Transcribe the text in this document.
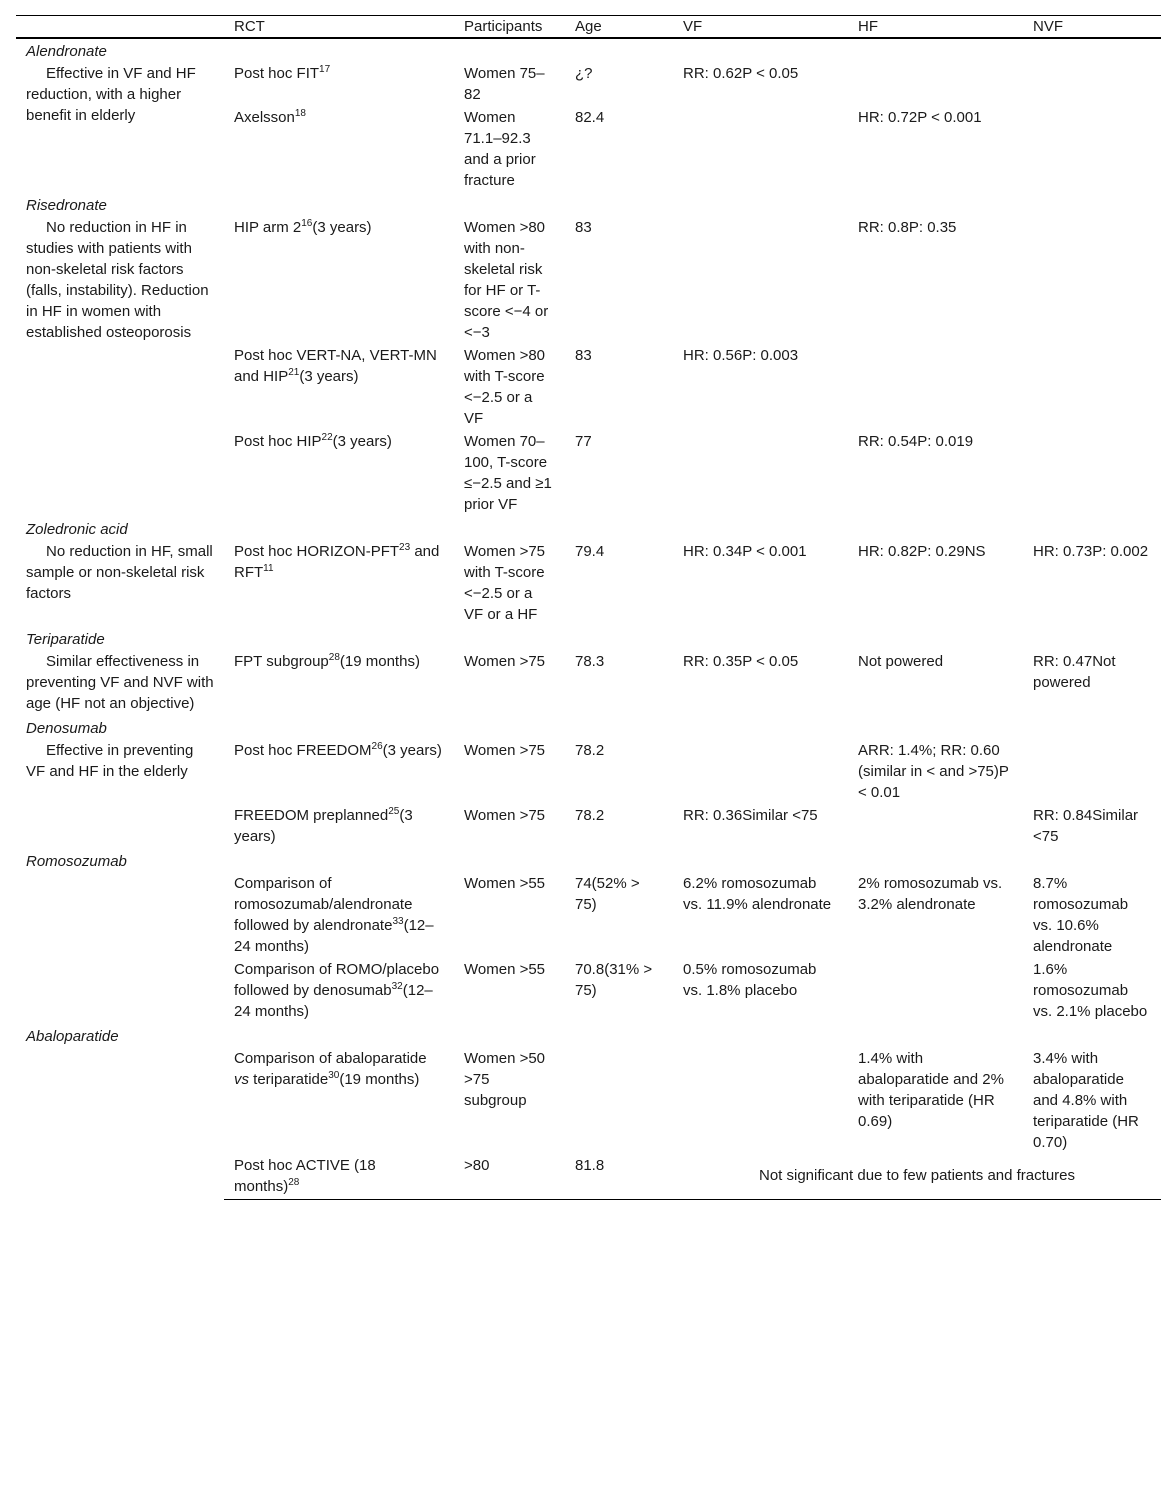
	RCT	Participants	Age	VF	HF	NVF
Alendronate						
Effective in VF and HF reduction, with a higher benefit in elderly	Post hoc FIT$^{17}$	Women 75–82	¿?	RR: 0.62P < 0.05		
	Axelsson$^{18}$	Women 71.1–92.3 and a prior fracture	82.4		HR: 0.72P < 0.001	
Risedronate						
No reduction in HF in studies with patients with non-skeletal risk factors (falls, instability). Reduction in HF in women with established osteoporosis	HIP arm $2^{16}(3$ years)	Women >80 with non-skeletal risk for HF or T-score <−4 or <−3	83		RR: 0.8P: 0.35	
	Post hoc VERT-NA, VERT-MN and HIP$^{21}$(3 years)	Women >80 with T-score <−2.5 or a VF	83	HR: 0.56P: 0.003		
	Post hoc HIP$^{22}$(3 years)	Women 70–100, T-score ≤−2.5 and ≥1 prior VF	77		RR: 0.54P: 0.019	
Zoledronic acid						
No reduction in HF, small sample or non-skeletal risk factors	Post hoc HORIZON-PFT$^{23}$ and RFT$^{11}$	Women >75 with T-score <−2.5 or a VF or a HF	79.4	HR: 0.34P < 0.001	HR: 0.82P: 0.29NS	HR: 0.73P: 0.002
Teriparatide						
Similar effectiveness in preventing VF and NVF with age (HF not an objective)	FPT subgroup$^{28}$(19 months)	Women >75	78.3	RR: 0.35P < 0.05	Not powered	RR: 0.47Not powered
Denosumab						
Effective in preventing VF and HF in the elderly	Post hoc FREEDOM$^{26}$(3 years)	Women >75	78.2		ARR: 1.4%; RR: 0.60 (similar in < and >75)P < 0.01	
	FREEDOM preplanned$^{25}$(3 years)	Women >75	78.2	RR: 0.36Similar <75		RR: 0.84Similar <75
Romosozumab						
	Comparison of romosozumab/alendronate followed by alendronate$^{33}$(12–24 months)	Women >55	74(52% > 75)	6.2% romosozumab vs. 11.9% alendronate	2% romosozumab vs. 3.2% alendronate	8.7% romosozumab vs. 10.6% alendronate
	Comparison of ROMO/placebo followed by denosumab$^{32}$(12–24 months)	Women >55	70.8(31% > 75)	0.5% romosozumab vs. 1.8% placebo		1.6% romosozumab vs. 2.1% placebo
Abaloparatide						
	Comparison of abaloparatide vs teriparatide$^{30}$(19 months)	Women >50 >75 subgroup			1.4% with abaloparatide and 2% with teriparatide (HR 0.69)	3.4% with abaloparatide and 4.8% with teriparatide (HR 0.70)
	Post hoc ACTIVE (18 months)$^{28}$	>80	81.8	Not significant due to few patients and fractures		
